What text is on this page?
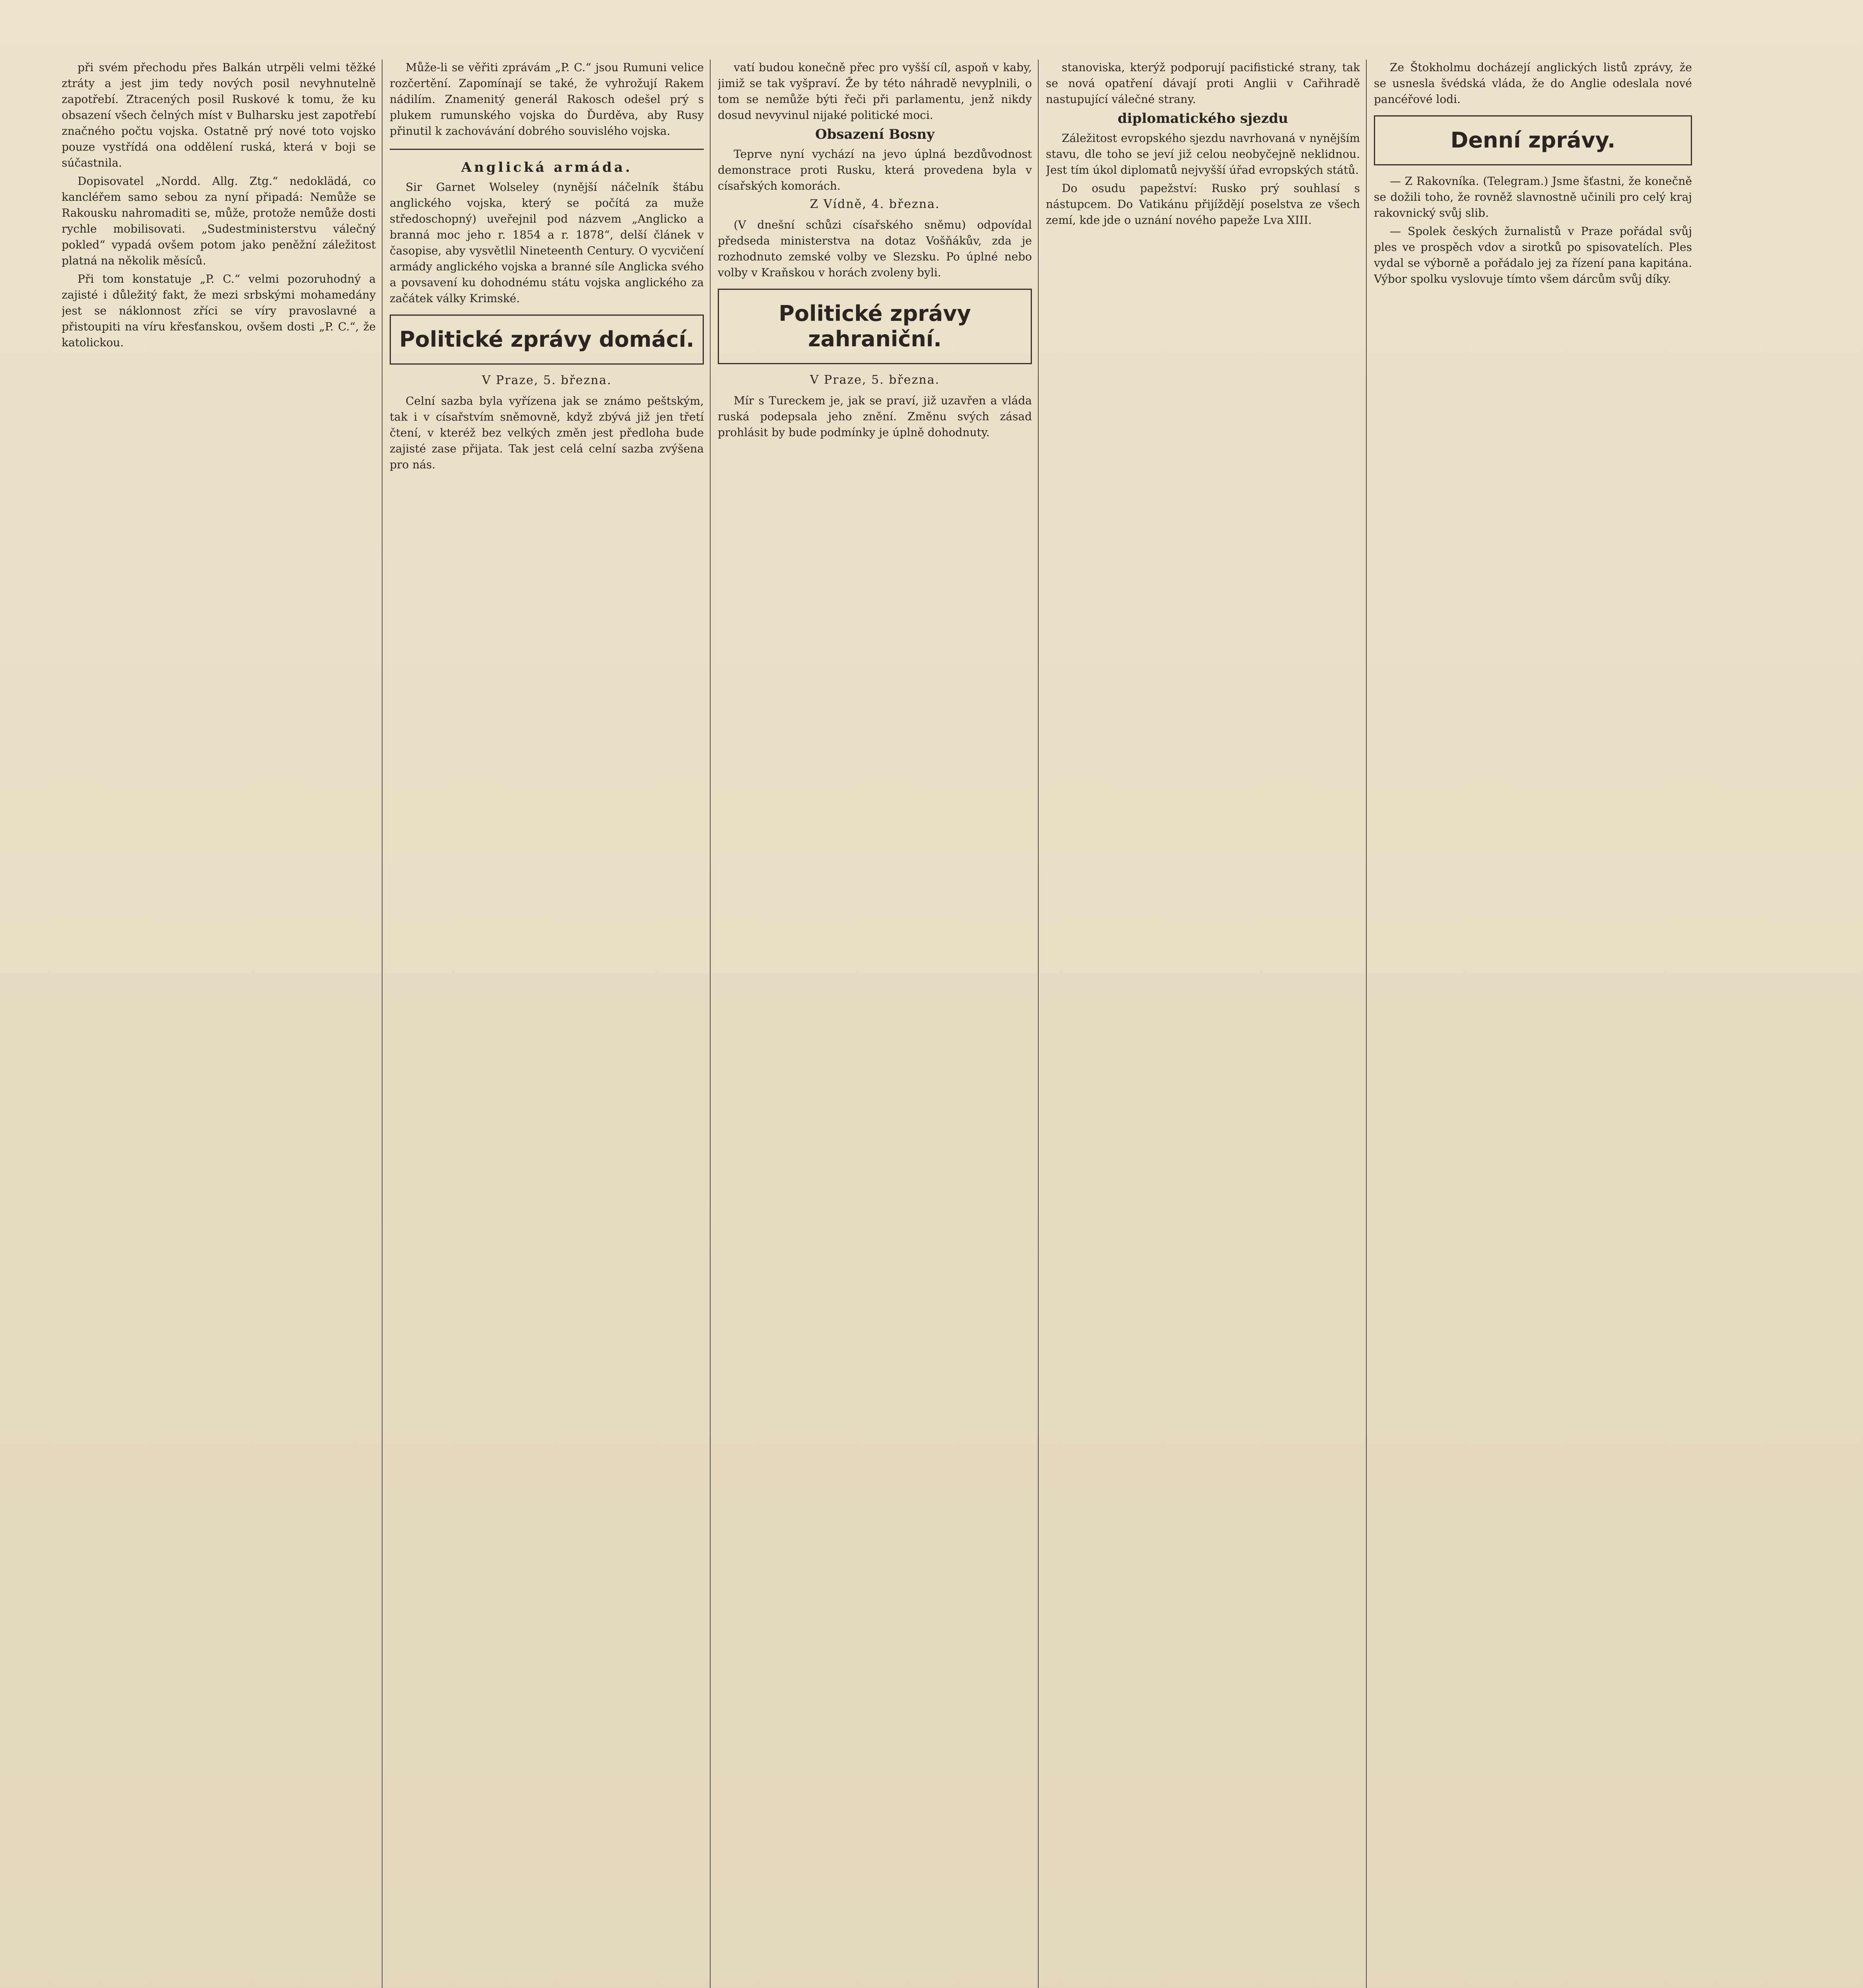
při svém přechodu přes Balkán utrpěli velmi těžké ztráty a jest jim tedy nových posil nevyhnutelně zapotřebí. Ztracených posil Ruskové k tomu, že ku obsazení všech čelných míst v Bulharsku jest zapotřebí značného počtu vojska. Ostatně prý nové toto vojsko pouze vystřídá ona oddělení ruská, která v boji se súčastnila.

Dopisovatel „Nordd. Allg. Ztg.“ nedoklädá, co kancléřem samo sebou za nyní připadá: Nemůže se Rakousku nahromaditi se, může, protože nemůže dosti rychle mobilisovati. „Sudestministerstvu válečný pokled“ vypadá ovšem potom jako peněžní záležitost platná na několik měsíců.

Při tom konstatuje „P. C.“ velmi pozoruhodný a zajisté i důležitý fakt, že mezi srbskými mohamedány jest se náklonnost zříci se víry pravoslavné a přistoupiti na víru křesťanskou, ovšem dosti „P. C.“, že katolickou.

Může-li se věřiti zprávám „P. C.“ jsou Rumuni velice rozčertění. Zapomínají se také, že vyhrožují Rakem nádilím. Znamenitý generál Rakosch odešel prý s plukem rumunského vojska do Ďurděva, aby Rusy přinutil k zachovávání dobrého souvislého vojska.

Anglická armáda.

Sir Garnet Wolseley (nynější náčelník štábu anglického vojska, který se počítá za muže středoschopný) uveřejnil pod názvem „Anglicko a branná moc jeho r. 1854 a r. 1878“, delší článek v časopise, aby vysvětlil Nineteenth Century. O vycvičení armády anglického vojska a branné síle Anglicka svého a povsavení ku dohodnému státu vojska anglického za začátek války Krimské.

Politické zprávy domácí.
V Praze, 5. března.

Celní sazba byla vyřízena jak se známo peštským, tak i v císařstvím sněmovně, když zbývá již jen třetí čtení, v kteréž bez velkých změn jest předloha bude zajisté zase přijata. Tak jest celá celní sazba zvýšena pro nás.

vatí budou konečně přec pro vyšší cíl, aspoň v kaby, jimiž se tak vyšpraví. Že by této náhradě nevyplnili, o tom se nemůže býti řeči při parlamentu, jenž nikdy dosud nevyvinul nijaké politické moci.

Obsazení Bosny

Teprve nyní vychází na jevo úplná bezdůvodnost demonstrace proti Rusku, která provedena byla v císařských komorách.

Z Vídně, 4. března.

(V dnešní schůzi císařského sněmu) odpovídal předseda ministerstva na dotaz Vošňákův, zda je rozhodnuto zemské volby ve Slezsku. Po úplné nebo volby v Kraňskou v horách zvoleny byli.

Politické zprávy zahraniční.
V Praze, 5. března.

Mír s Tureckem je, jak se praví, již uzavřen a vláda ruská podepsala jeho znění. Změnu svých zásad prohlásit by bude podmínky je úplně dohodnuty.

stanoviska, kterýž podporují pacifistické strany, tak se nová opatření dávají proti Anglii v Cařihradě nastupující válečné strany.

diplomatického sjezdu

Záležitost evropského sjezdu navrhovaná v nynějším stavu, dle toho se jeví již celou neobyčejně neklidnou. Jest tím úkol diplomatů nejvyšší úřad evropských států.

Do osudu papežství: Rusko prý souhlasí s nástupcem. Do Vatikánu přijíždějí poselstva ze všech zemí, kde jde o uznání nového papeže Lva XIII.

Ze Štokholmu docházejí anglických listů zprávy, že se usnesla švédská vláda, že do Anglie odeslala nové pancéřové lodi.

Denní zprávy.

— Z Rakovníka. (Telegram.) Jsme šťastni, že konečně se dožili toho, že rovněž slavnostně učinili pro celý kraj rakovnický svůj slib.

— Spolek českých žurnalistů v Praze pořádal svůj ples ve prospěch vdov a sirotků po spisovatelích. Ples vydal se výborně a pořádalo jej za řízení pana kapitána. Výbor spolku vyslovuje tímto všem dárcům svůj díky.
